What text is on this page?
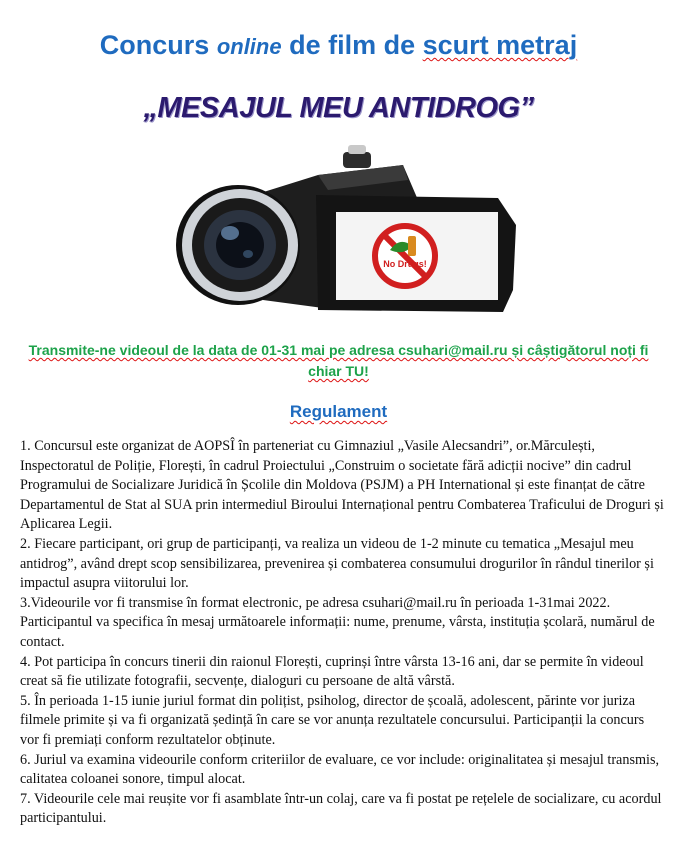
Concurs online de film de scurt metraj
„MESAJUL MEU ANTIDROG”
No Drugs!
Transmite-ne videoul de la data de 01-31 mai pe adresa csuhari@mail.ru și câștigătorul noți fi chiar TU!
Regulament

1. Concursul este organizat de AOPSÎ în parteneriat cu Gimnaziul „Vasile Alecsandri”, or.Mărculești, Inspectoratul de Poliție, Florești, în cadrul Proiectului „Construim o societate fără adicții nocive” din cadrul Programului de Socializare Juridică în Școlile din Moldova (PSJM) a PH International și este finanțat de către Departamentul de Stat al SUA prin intermediul Biroului Internațional pentru Combaterea Traficului de Droguri și Aplicarea Legii.

2. Fiecare participant, ori grup de participanți, va realiza un videou de 1-2 minute cu tematica „Mesajul meu antidrog”, având drept scop sensibilizarea, prevenirea și combaterea consumului drogurilor în rândul tinerilor și impactul asupra viitorului lor.

3.Videourile vor fi transmise în format electronic, pe adresa csuhari@mail.ru în perioada 1-31mai 2022. Participantul va specifica în mesaj următoarele informații: nume, prenume, vârsta, instituția școlară, numărul de contact.

4. Pot participa în concurs tinerii din raionul Florești, cuprinși între vârsta 13-16 ani, dar se permite în videoul creat să fie utilizate fotografii, secvențe, dialoguri cu persoane de altă vârstă.

5. În perioada 1-15 iunie juriul format din polițist, psiholog, director de școală, adolescent, părinte vor jurizа filmele primite și va fi organizată ședință în care se vor anunța rezultatele concursului. Participanții la concurs vor fi premiați conform rezultatelor obținute.

6. Juriul va examina videourile conform criteriilor de evaluare, ce vor include: originalitatea și mesajul transmis, calitatea coloanei sonore, timpul alocat.

7. Videourile cele mai reușite vor fi asamblate într-un colaj, care va fi postat pe rețelele de socializare, cu acordul participantului.
